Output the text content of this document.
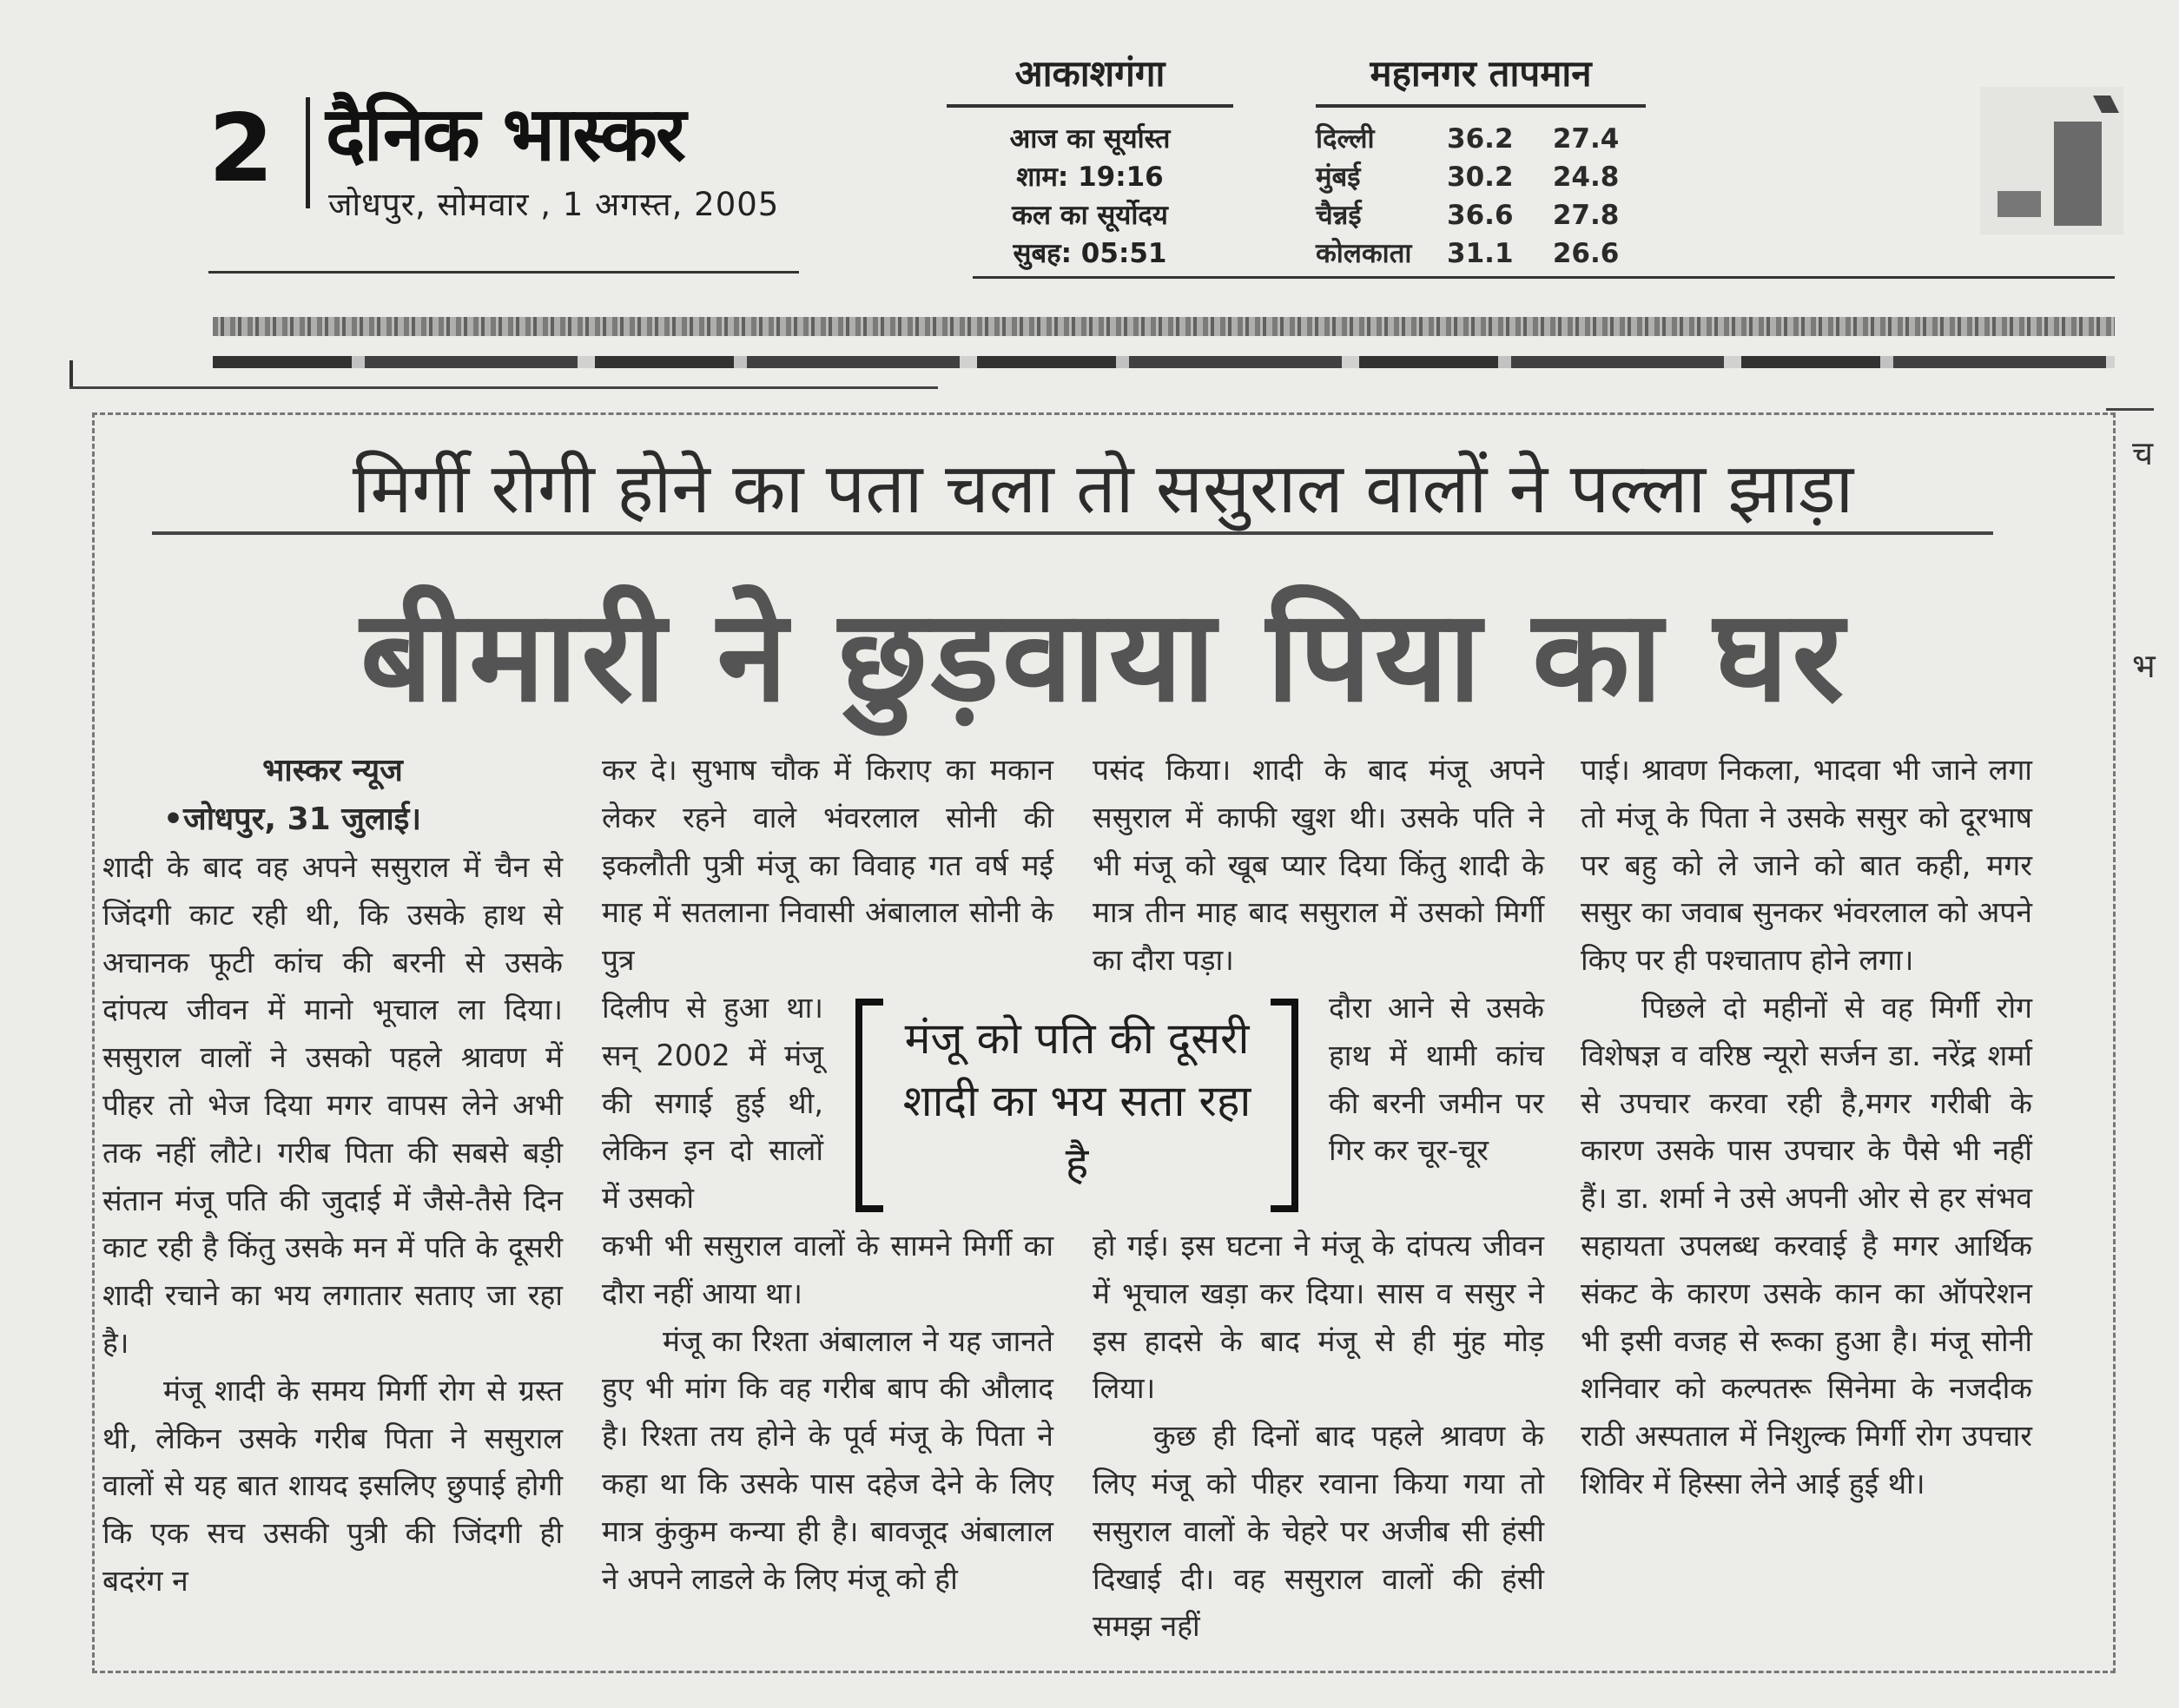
2 दैनिक भास्कर
जोधपुर, सोमवार , 1 अगस्त, 2005
आकाशगंगा
आज का सूर्यास्त
शाम: 19:16
कल का सूर्योदय
सुबह: 05:51
महानगर तापमान
दिल्ली	36.2	27.4
मुंबई	30.2	24.8
चैन्नई	36.6	27.8
कोलकाता	31.1	26.6
मिर्गी रोगी होने का पता चला तो ससुराल वालों ने पल्ला झाड़ा
बीमारी ने छुड़वाया पिया का घर
भास्कर न्यूज
•जोधपुर, 31 जुलाई।

शादी के बाद वह अपने ससुराल में चैन से जिंदगी काट रही थी, कि उसके हाथ से अचानक फूटी कांच की बरनी से उसके दांपत्य जीवन में मानो भूचाल ला दिया। ससुराल वालों ने उसको पहले श्रावण में पीहर तो भेज दिया मगर वापस लेने अभी तक नहीं लौटे। गरीब पिता की सबसे बड़ी संतान मंजू पति की जुदाई में जैसे-तैसे दिन काट रही है किंतु उसके मन में पति के दूसरी शादी रचाने का भय लगातार सताए जा रहा है।

मंजू शादी के समय मिर्गी रोग से ग्रस्त थी, लेकिन उसके गरीब पिता ने ससुराल वालों से यह बात शायद इसलिए छुपाई होगी कि एक सच उसकी पुत्री की जिंदगी ही बदरंग न

कर दे। सुभाष चौक में किराए का मकान लेकर रहने वाले भंवरलाल सोनी की इकलौती पुत्री मंजू का विवाह गत वर्ष मई माह में सतलाना निवासी अंबालाल सोनी के पुत्र

दिलीप से हुआ था। सन् 2002 में मंजू की सगाई हुई थी, लेकिन इन दो सालों में उसको

कभी भी ससुराल वालों के सामने मिर्गी का दौरा नहीं आया था।

मंजू का रिश्ता अंबालाल ने यह जानते हुए भी मांग कि वह गरीब बाप की औलाद है। रिश्ता तय होने के पूर्व मंजू के पिता ने कहा था कि उसके पास दहेज देने के लिए मात्र कुंकुम कन्या ही है। बावजूद अंबालाल ने अपने लाडले के लिए मंजू को ही

मंजू को पति की दूसरी शादी का भय सता रहा है

पसंद किया। शादी के बाद मंजू अपने ससुराल में काफी खुश थी। उसके पति ने भी मंजू को खूब प्यार दिया किंतु शादी के मात्र तीन माह बाद ससुराल में उसको मिर्गी का दौरा पड़ा।

दौरा आने से उसके हाथ में थामी कांच की बरनी जमीन पर गिर कर चूर-चूर

हो गई। इस घटना ने मंजू के दांपत्य जीवन में भूचाल खड़ा कर दिया। सास व ससुर ने इस हादसे के बाद मंजू से ही मुंह मोड़ लिया।

कुछ ही दिनों बाद पहले श्रावण के लिए मंजू को पीहर रवाना किया गया तो ससुराल वालों के चेहरे पर अजीब सी हंसी दिखाई दी। वह ससुराल वालों की हंसी समझ नहीं

पाई। श्रावण निकला, भादवा भी जाने लगा तो मंजू के पिता ने उसके ससुर को दूरभाष पर बहु को ले जाने को बात कही, मगर ससुर का जवाब सुनकर भंवरलाल को अपने किए पर ही पश्चाताप होने लगा।

पिछले दो महीनों से वह मिर्गी रोग विशेषज्ञ व वरिष्ठ न्यूरो सर्जन डा. नरेंद्र शर्मा से उपचार करवा रही है,मगर गरीबी के कारण उसके पास उपचार के पैसे भी नहीं हैं। डा. शर्मा ने उसे अपनी ओर से हर संभव सहायता उपलब्ध करवाई है मगर आर्थिक संकट के कारण उसके कान का ऑपरेशन भी इसी वजह से रूका हुआ है। मंजू सोनी शनिवार को कल्पतरू सिनेमा के नजदीक राठी अस्पताल में निशुल्क मिर्गी रोग उपचार शिविर में हिस्सा लेने आई हुई थी।

च
भ
